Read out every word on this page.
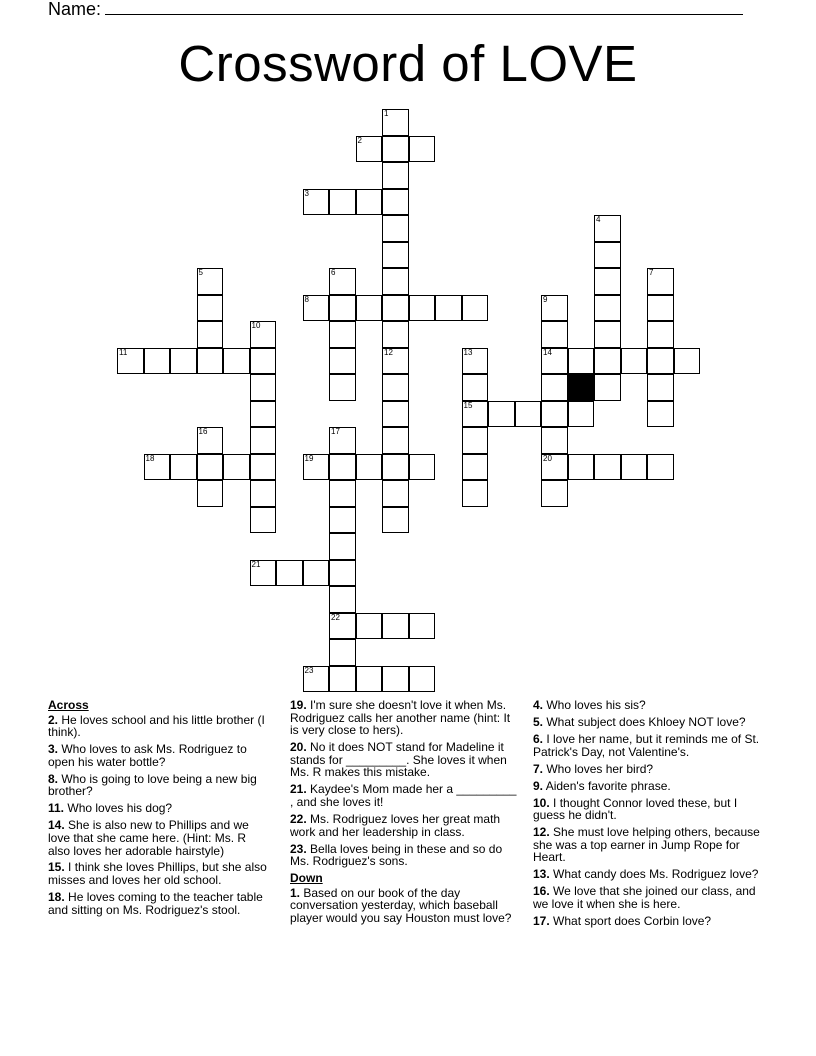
Name:
Crossword of LOVE
1
12
2
3
4
5	6	7
8	9
14
20
10
11	13
15
16	17
22
18	19
21
23
Across
2. He loves school and his little brother (I think).
3. Who loves to ask Ms. Rodriguez to open his water bottle?
8. Who is going to love being a new big brother?
11. Who loves his dog?
14. She is also new to Phillips and we love that she came here. (Hint: Ms. R also loves her adorable hairstyle)
15. I think she loves Phillips, but she also misses and loves her old school.
18. He loves coming to the teacher table and sitting on Ms. Rodriguez's stool.
19. I'm sure she doesn't love it when Ms. Rodriguez calls her another name (hint: It is very close to hers).
20. No it does NOT stand for Madeline it stands for _________. She loves it when Ms. R makes this mistake.
21. Kaydee's Mom made her a _________ , and she loves it!
22. Ms. Rodriguez loves her great math work and her leadership in class.
23. Bella loves being in these and so do Ms. Rodriguez's sons.
Down
1. Based on our book of the day conversation yesterday, which baseball player would you say Houston must love?
4. Who loves his sis?
5. What subject does Khloey NOT love?
6. I love her name, but it reminds me of St. Patrick's Day, not Valentine's.
7. Who loves her bird?
9. Aiden's favorite phrase.
10. I thought Connor loved these, but I guess he didn't.
12. She must love helping others, because she was a top earner in Jump Rope for Heart.
13. What candy does Ms. Rodriguez love?
16. We love that she joined our class, and we love it when she is here.
17. What sport does Corbin love?
